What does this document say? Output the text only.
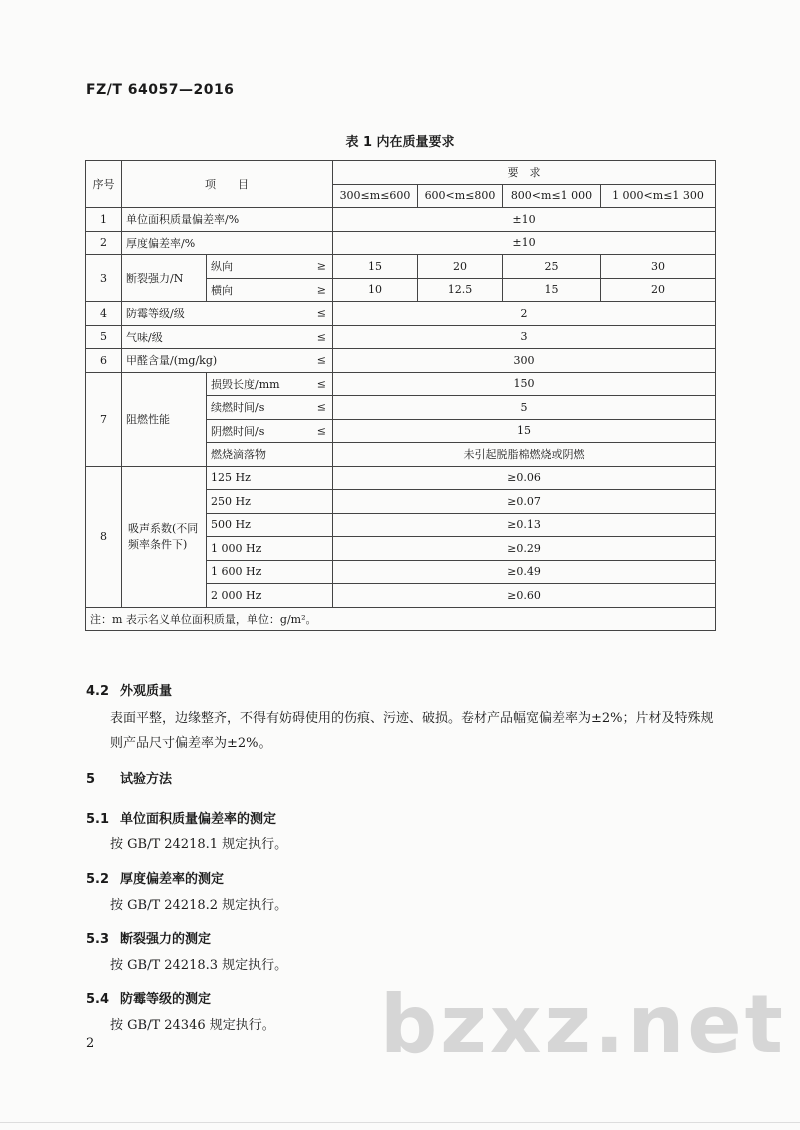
FZ/T 64057—2016
表 1 内在质量要求
序号	项　　目		要　求			
			300≤m≤600	600<m≤800	800<m≤1 000	1 000<m≤1 300
1	单位面积质量偏差率/%		±10			
2	厚度偏差率/%		±10			
3	断裂强力/N	纵向 ≥	15	20	25	30
		横向 ≥	10	12.5	15	20
4	防霉等级/级 ≤		2			
5	气味/级 ≤		3			
6	甲醛含量/(mg/kg) ≤		300			
7	阻燃性能	损毁长度/mm ≤	150			
		续燃时间/s ≤	5			
		阴燃时间/s ≤	15			
		燃烧滴落物	未引起脱脂棉燃烧或阴燃			
8	吸声系数(不同频率条件下)	125 Hz	≥0.06			
		250 Hz	≥0.07			
		500 Hz	≥0.13			
		1 000 Hz	≥0.29			
		1 600 Hz	≥0.49			
		2 000 Hz	≥0.60			
注：m 表示名义单位面积质量，单位：g/m²。						
4.2 外观质量
表面平整，边缘整齐，不得有妨碍使用的伤痕、污迹、破损。卷材产品幅宽偏差率为±2%；片材及特殊规则产品尺寸偏差率为±2%。
5 试验方法
5.1 单位面积质量偏差率的测定
按 GB/T 24218.1 规定执行。
5.2 厚度偏差率的测定
按 GB/T 24218.2 规定执行。
5.3 断裂强力的测定
按 GB/T 24218.3 规定执行。
5.4 防霉等级的测定
按 GB/T 24346 规定执行。	bzxz.net
2
